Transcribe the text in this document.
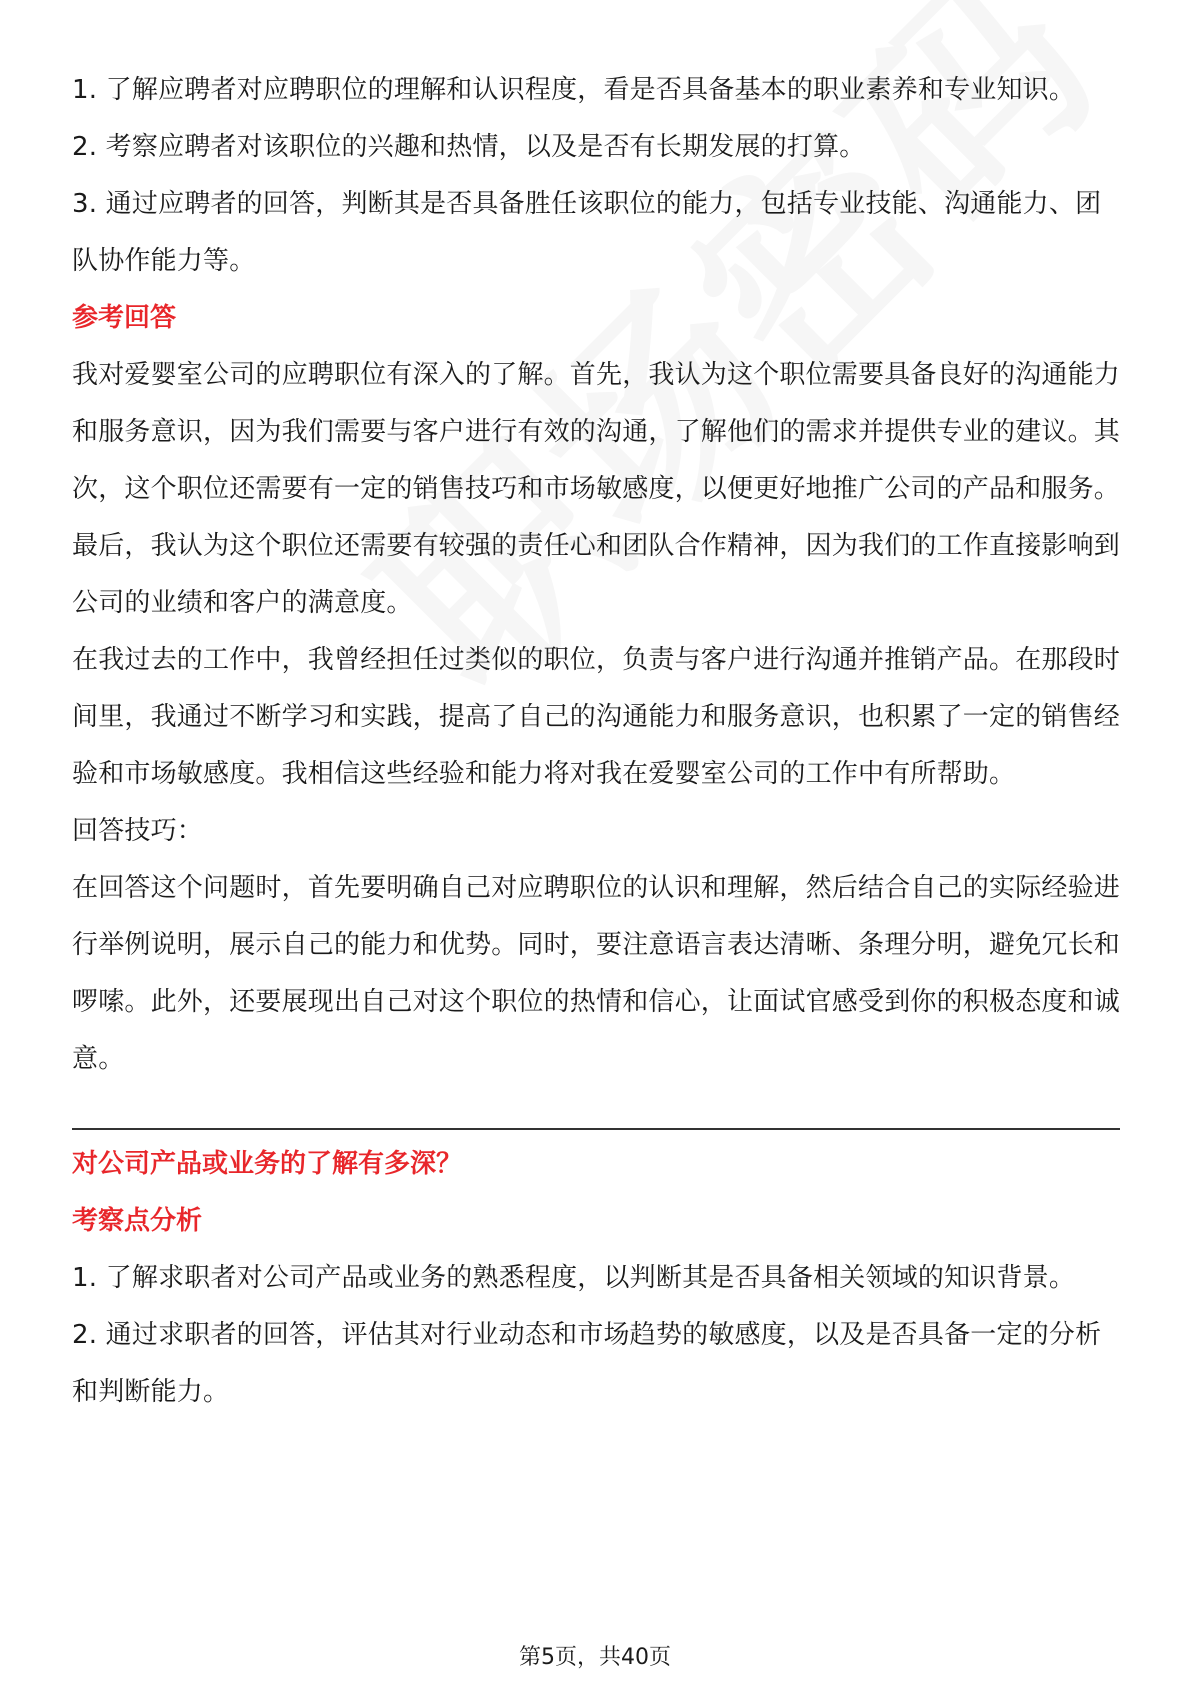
1. 了解应聘者对应聘职位的理解和认识程度，看是否具备基本的职业素养和专业知识。

2. 考察应聘者对该职位的兴趣和热情，以及是否有长期发展的打算。

3. 通过应聘者的回答，判断其是否具备胜任该职位的能力，包括专业技能、沟通能力、团队协作能力等。

参考回答

我对爱婴室公司的应聘职位有深入的了解。首先，我认为这个职位需要具备良好的沟通能力和服务意识，因为我们需要与客户进行有效的沟通，了解他们的需求并提供专业的建议。其次，这个职位还需要有一定的销售技巧和市场敏感度，以便更好地推广公司的产品和服务。最后，我认为这个职位还需要有较强的责任心和团队合作精神，因为我们的工作直接影响到公司的业绩和客户的满意度。

在我过去的工作中，我曾经担任过类似的职位，负责与客户进行沟通并推销产品。在那段时间里，我通过不断学习和实践，提高了自己的沟通能力和服务意识，也积累了一定的销售经验和市场敏感度。我相信这些经验和能力将对我在爱婴室公司的工作中有所帮助。

回答技巧：

在回答这个问题时，首先要明确自己对应聘职位的认识和理解，然后结合自己的实际经验进行举例说明，展示自己的能力和优势。同时，要注意语言表达清晰、条理分明，避免冗长和啰嗦。此外，还要展现出自己对这个职位的热情和信心，让面试官感受到你的积极态度和诚意。

对公司产品或业务的了解有多深？

考察点分析

1. 了解求职者对公司产品或业务的熟悉程度，以判断其是否具备相关领域的知识背景。

2. 通过求职者的回答，评估其对行业动态和市场趋势的敏感度，以及是否具备一定的分析和判断能力。

第5页，共40页
